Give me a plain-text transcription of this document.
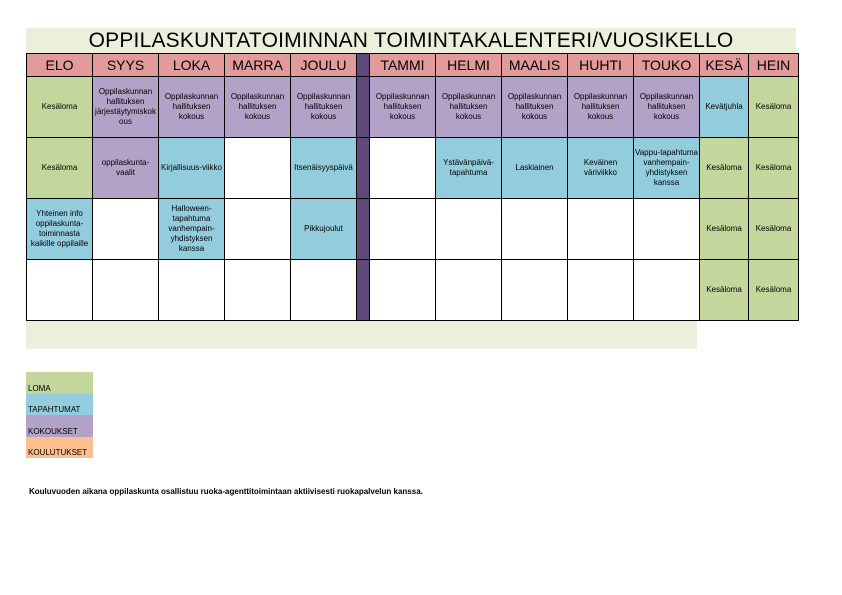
OPPILASKUNTATOIMINNAN TOIMINTAKALENTERI/VUOSIKELLO
ELO	SYYS	LOKA	MARRA	JOULU		TAMMI	HELMI	MAALIS	HUHTI	TOUKO	KESÄ	HEIN
Kesäloma	Oppilaskunnan hallituksen järjestäytymiskokous	Oppilaskunnan hallituksen kokous	Oppilaskunnan hallituksen kokous	Oppilaskunnan hallituksen kokous		Oppilaskunnan hallituksen kokous	Oppilaskunnan hallituksen kokous	Oppilaskunnan hallituksen kokous	Oppilaskunnan hallituksen kokous	Oppilaskunnan hallituksen kokous	Kevätjuhla	Kesäloma
Kesäloma	oppilaskunta-vaalit	Kirjallisuus-viikko		Itsenäisyyspäivä			Ystävänpäivä-tapahtuma	Laskiainen	Keväinen väriviikko	Vappu-tapahtuma vanhempain-yhdistyksen kanssa	Kesäloma	Kesäloma
Yhteinen info oppilaskunta-toiminnasta kaikille oppilaille		Halloween-tapahtuma vanhempain-yhdistyksen kanssa		Pikkujoulut							Kesäloma	Kesäloma
											Kesäloma	Kesäloma
LOMA
TAPAHTUMAT
KOKOUKSET
KOULUTUKSET
Kouluvuoden aikana oppilaskunta osallistuu ruoka-agenttitoimintaan aktiivisesti ruokapalvelun kanssa.
